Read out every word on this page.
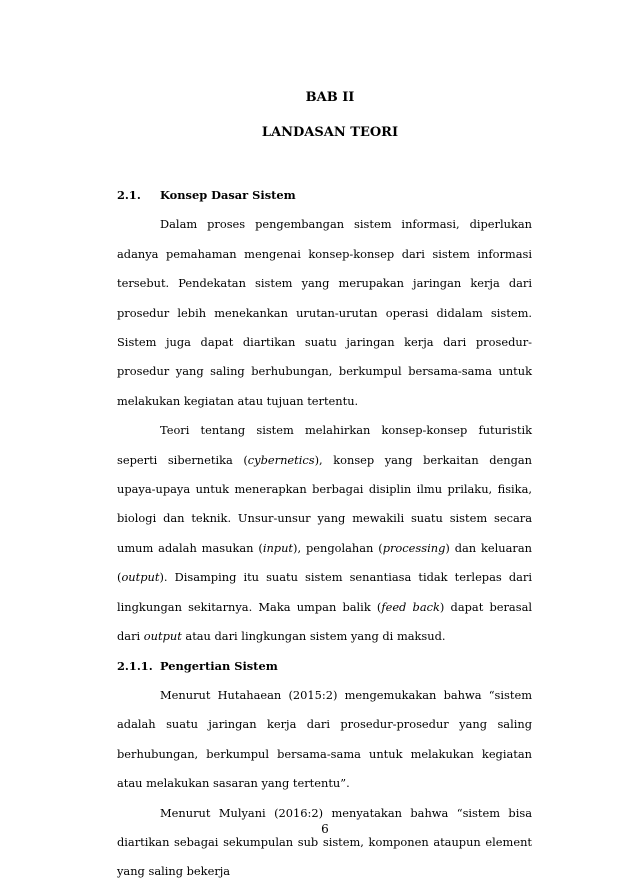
BAB II
LANDASAN TEORI
2.1.	Konsep Dasar Sistem

Dalam proses pengembangan sistem informasi, diperlukan adanya pemahaman mengenai konsep-konsep dari sistem informasi tersebut. Pendekatan sistem yang merupakan jaringan kerja dari prosedur lebih menekankan urutan-urutan operasi didalam sistem. Sistem juga dapat diartikan suatu jaringan kerja dari prosedur-prosedur yang saling berhubungan, berkumpul bersama-sama untuk melakukan kegiatan atau tujuan tertentu.

Teori tentang sistem melahirkan konsep-konsep futuristik seperti sibernetika (cybernetics), konsep yang berkaitan dengan upaya-upaya untuk menerapkan berbagai disiplin ilmu prilaku, fisika, biologi dan teknik. Unsur-unsur yang mewakili suatu sistem secara umum adalah masukan (input), pengolahan (processing) dan keluaran (output). Disamping itu suatu sistem senantiasa tidak terlepas dari lingkungan sekitarnya. Maka umpan balik (feed back) dapat berasal dari output atau dari lingkungan sistem yang di maksud.

2.1.1. Pengertian Sistem

Menurut Hutahaean (2015:2) mengemukakan bahwa “sistem adalah suatu jaringan kerja dari prosedur-prosedur yang saling berhubungan, berkumpul bersama-sama untuk melakukan kegiatan atau melakukan sasaran yang tertentu”.

Menurut Mulyani (2016:2) menyatakan bahwa “sistem bisa diartikan sebagai sekumpulan sub sistem, komponen ataupun element yang saling bekerja

6
